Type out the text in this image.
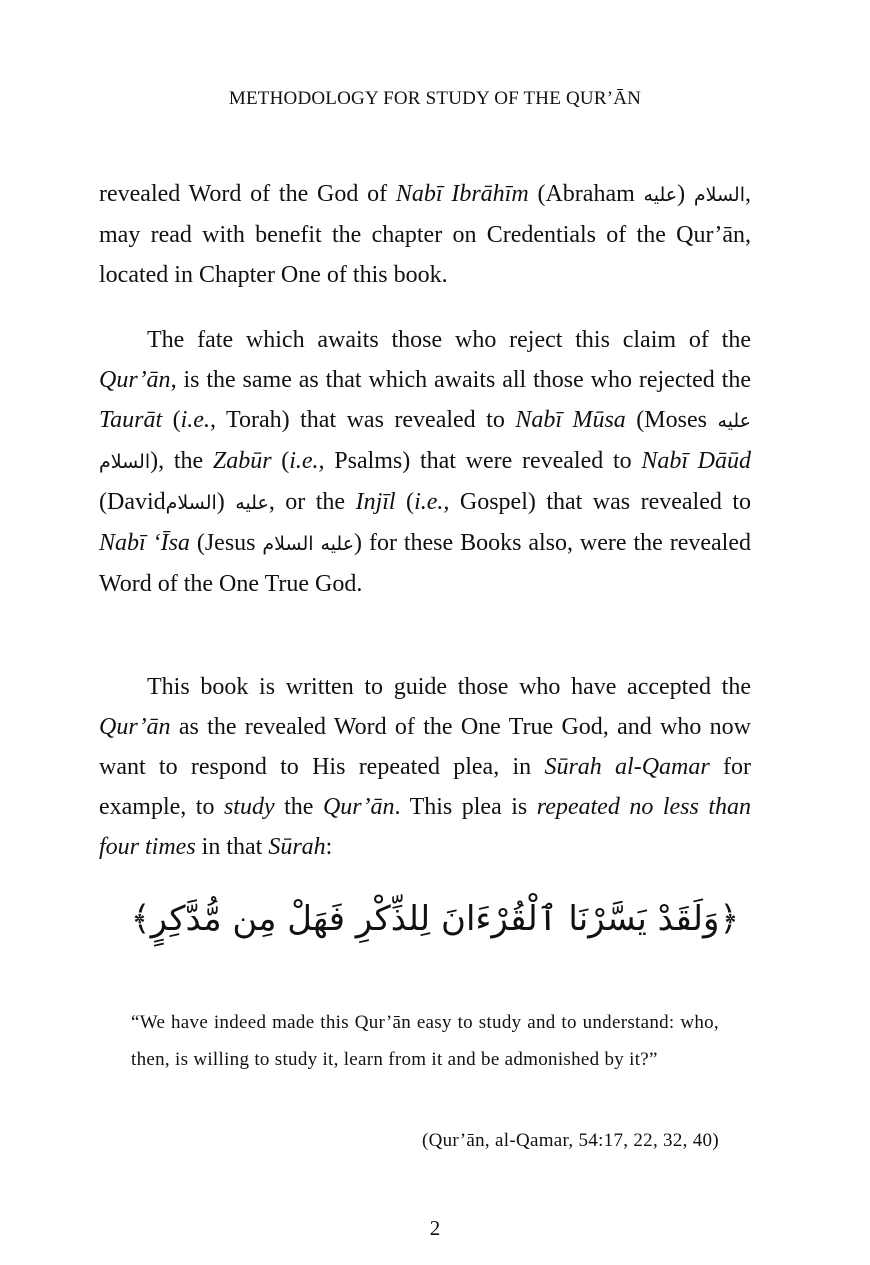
METHODOLOGY FOR STUDY OF THE QUR’ĀN

revealed Word of the God of Nabī Ibrāhīm (Abraham عليه) السلام, may read with benefit the chapter on Credentials of the Qur’ān, located in Chapter One of this book.

The fate which awaits those who reject this claim of the Qur’ān, is the same as that which awaits all those who rejected the Taurāt (i.e., Torah) that was revealed to Nabī Mūsa (Moses عليه السلام), the Zabūr (i.e., Psalms) that were revealed to Nabī Dāūd (Davidالسلام) عليه, or the Injīl (i.e., Gospel) that was revealed to Nabī ‘Īsa (Jesus عليه السلام) for these Books also, were the revealed Word of the One True God.

This book is written to guide those who have accepted the Qur’ān as the revealed Word of the One True God, and who now want to respond to His repeated plea, in Sūrah al-Qamar for example, to study the Qur’ān. This plea is repeated no less than four times in that Sūrah:

﴿وَلَقَدْ يَسَّرْنَا ٱلْقُرْءَانَ لِلذِّكْرِ فَهَلْ مِن مُّدَّكِرٍ﴾

“We have indeed made this Qur’ān easy to study and to understand: who, then, is willing to study it, learn from it and be admonished by it?”

(Qur’ān, al-Qamar, 54:17, 22, 32, 40)
2
